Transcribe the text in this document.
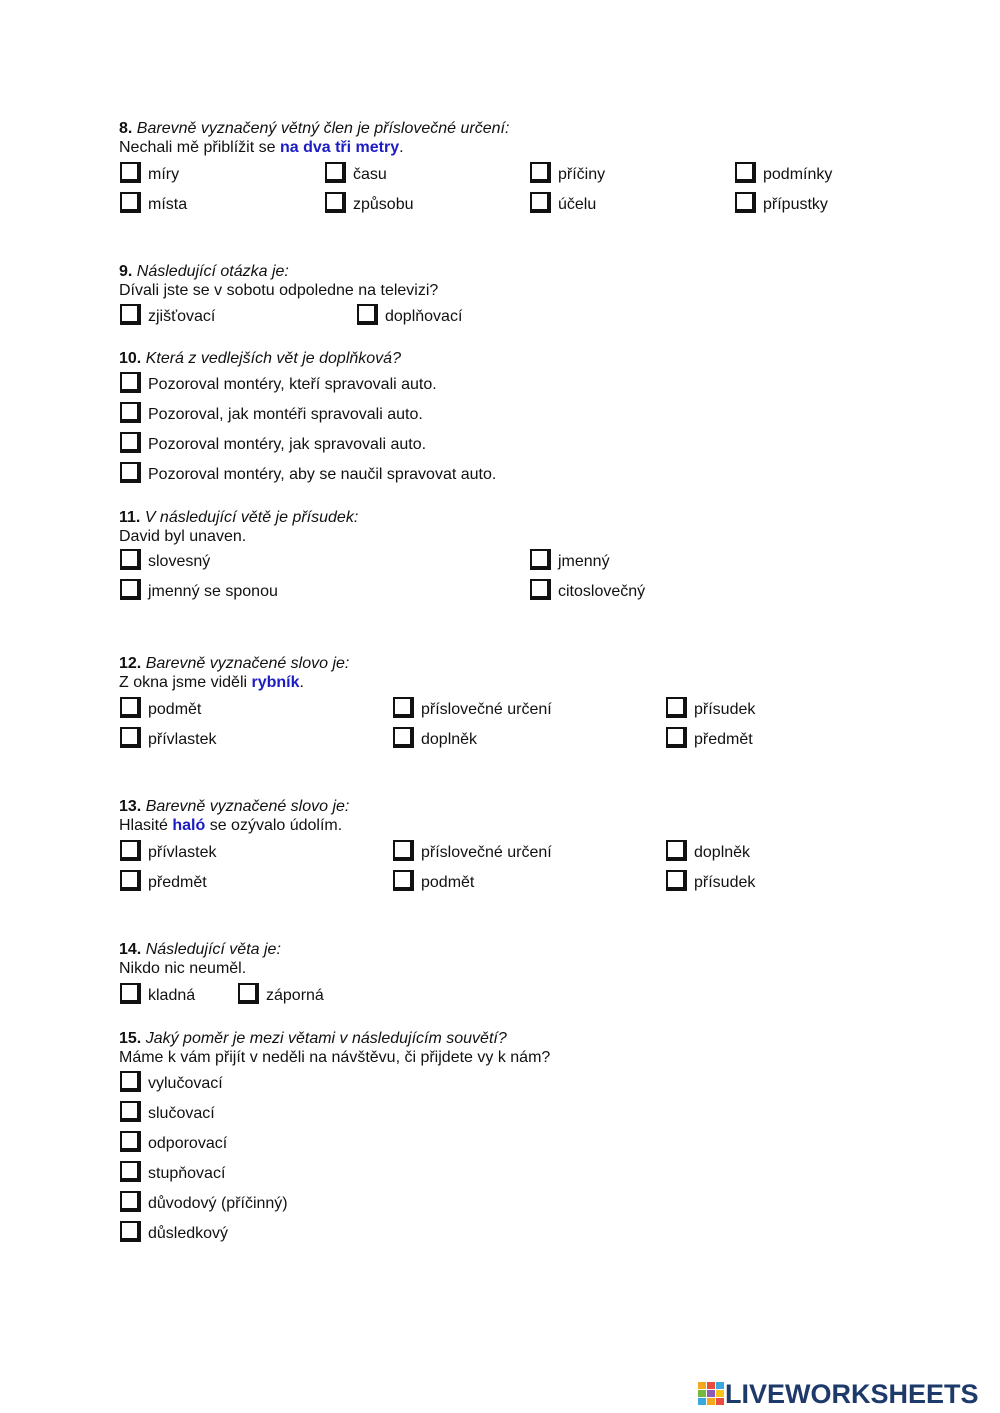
8. Barevně vyznačený větný člen je příslovečné určení:
Nechali mě přiblížit se na dva tři metry.
míry	času	příčiny	podmínky
místa	způsobu	účelu	přípustky
9. Následující otázka je:
Dívali jste se v sobotu odpoledne na televizi?
zjišťovací	doplňovací
10. Která z vedlejších vět je doplňková?
Pozoroval montéry, kteří spravovali auto.
Pozoroval, jak montéři spravovali auto.
Pozoroval montéry, jak spravovali auto.
Pozoroval montéry, aby se naučil spravovat auto.
11. V následující větě je přísudek:
David byl unaven.
slovesný	jmenný
jmenný se sponou	citoslovečný
12. Barevně vyznačené slovo je:
Z okna jsme viděli rybník.
podmět	příslovečné určení	přísudek
přívlastek	doplněk	předmět
13. Barevně vyznačené slovo je:
Hlasité haló se ozývalo údolím.
přívlastek	příslovečné určení	doplněk
předmět	podmět	přísudek
14. Následující věta je:
Nikdo nic neuměl.
kladná	záporná
15. Jaký poměr je mezi větami v následujícím souvětí?
Máme k vám přijít v neděli na návštěvu, či přijdete vy k nám?
vylučovací
slučovací
odporovací
stupňovací
důvodový (příčinný)
důsledkový
LIVEWORKSHEETS
